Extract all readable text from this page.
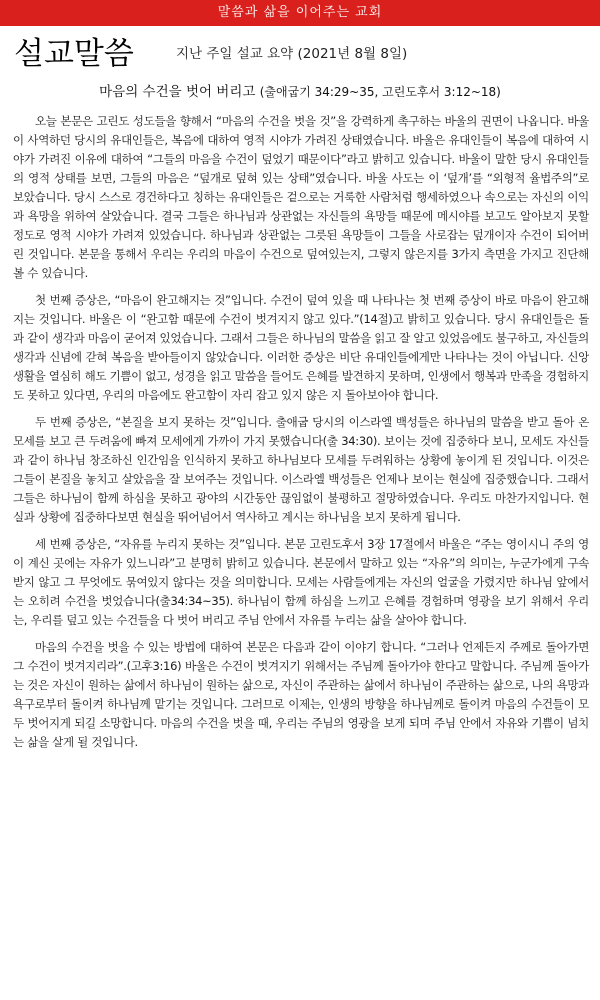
말씀과 삶을 이어주는 교회
설교말씀	지난 주일 설교 요약 (2021년 8월 8일)
마음의 수건을 벗어 버리고 (출애굽기 34:29~35, 고린도후서 3:12~18)

오늘 본문은 고린도 성도들을 향해서 “마음의 수건을 벗을 것”을 강력하게 촉구하는 바울의 권면이 나옵니다. 바울이 사역하던 당시의 유대인들은, 복음에 대하여 영적 시야가 가려진 상태였습니다. 바울은 유대인들이 복음에 대하여 시야가 가려진 이유에 대하여 “그들의 마음을 수건이 덮었기 때문이다”라고 밝히고 있습니다. 바울이 말한 당시 유대인들의 영적 상태를 보면, 그들의 마음은 “덮개로 덮혀 있는 상태”였습니다. 바울 사도는 이 ‘덮개’를 “외형적 율법주의”로 보았습니다. 당시 스스로 경건하다고 칭하는 유대인들은 겉으로는 거룩한 사람처럼 행세하였으나 속으로는 자신의 이익과 욕망을 위하여 살았습니다. 결국 그들은 하나님과 상관없는 자신들의 욕망들 때문에 메시야를 보고도 알아보지 못할 정도로 영적 시야가 가려져 있었습니다. 하나님과 상관없는 그릇된 욕망들이 그들을 사로잡는 덮개이자 수건이 되어버린 것입니다. 본문을 통해서 우리는 우리의 마음이 수건으로 덮여있는지, 그렇지 않은지를 3가지 측면을 가지고 진단해 볼 수 있습니다.

첫 번째 증상은, “마음이 완고해지는 것”입니다. 수건이 덮여 있을 때 나타나는 첫 번째 증상이 바로 마음이 완고해지는 것입니다. 바울은 이 “완고함 때문에 수건이 벗겨지지 않고 있다.”(14절)고 밝히고 있습니다. 당시 유대인들은 돌과 같이 생각과 마음이 굳어져 있었습니다. 그래서 그들은 하나님의 말씀을 읽고 잘 알고 있었음에도 불구하고, 자신들의 생각과 신념에 갇혀 복음을 받아들이지 않았습니다. 이러한 증상은 비단 유대인들에게만 나타나는 것이 아닙니다. 신앙생활을 열심히 해도 기쁨이 없고, 성경을 읽고 말씀을 들어도 은혜를 발견하지 못하며, 인생에서 행복과 만족을 경험하지도 못하고 있다면, 우리의 마음에도 완고함이 자리 잡고 있지 않은 지 돌아보아야 합니다.

두 번째 증상은, “본질을 보지 못하는 것”입니다. 출애굽 당시의 이스라엘 백성들은 하나님의 말씀을 받고 돌아 온 모세를 보고 큰 두려움에 빠져 모세에게 가까이 가지 못했습니다(출 34:30). 보이는 것에 집중하다 보니, 모세도 자신들과 같이 하나님 창조하신 인간임을 인식하지 못하고 하나님보다 모세를 두려워하는 상황에 놓이게 된 것입니다. 이것은 그들이 본질을 놓치고 살았음을 잘 보여주는 것입니다. 이스라엘 백성들은 언제나 보이는 현실에 집중했습니다. 그래서 그들은 하나님이 함께 하심을 못하고 광야의 시간동안 끊임없이 불평하고 절망하였습니다. 우리도 마찬가지입니다. 현실과 상황에 집중하다보면 현실을 뛰어넘어서 역사하고 계시는 하나님을 보지 못하게 됩니다.

세 번째 증상은, “자유를 누리지 못하는 것”입니다. 본문 고린도후서 3장 17절에서 바울은 “주는 영이시니 주의 영이 계신 곳에는 자유가 있느니라”고 분명히 밝히고 있습니다. 본문에서 말하고 있는 “자유”의 의미는, 누군가에게 구속받지 않고 그 무엇에도 묶여있지 않다는 것을 의미합니다. 모세는 사람들에게는 자신의 얼굴을 가렸지만 하나님 앞에서는 오히려 수건을 벗었습니다(출34:34~35). 하나님이 함께 하심을 느끼고 은혜를 경험하며 영광을 보기 위해서 우리는, 우리를 덮고 있는 수건들을 다 벗어 버리고 주님 안에서 자유를 누리는 삶을 살아야 합니다.

마음의 수건을 벗을 수 있는 방법에 대하여 본문은 다음과 같이 이야기 합니다. “그러나 언제든지 주께로 돌아가면 그 수건이 벗겨지리라”.(고후3:16) 바울은 수건이 벗겨지기 위해서는 주님께 돌아가야 한다고 말합니다. 주님께 돌아가는 것은 자신이 원하는 삶에서 하나님이 원하는 삶으로, 자신이 주관하는 삶에서 하나님이 주관하는 삶으로, 나의 욕망과 욕구로부터 돌이켜 하나님께 맡기는 것입니다. 그러므로 이제는, 인생의 방향을 하나님께로 돌이켜 마음의 수건들이 모두 벗어지게 되길 소망합니다. 마음의 수건을 벗을 때, 우리는 주님의 영광을 보게 되며 주님 안에서 자유와 기쁨이 넘치는 삶을 살게 될 것입니다.
